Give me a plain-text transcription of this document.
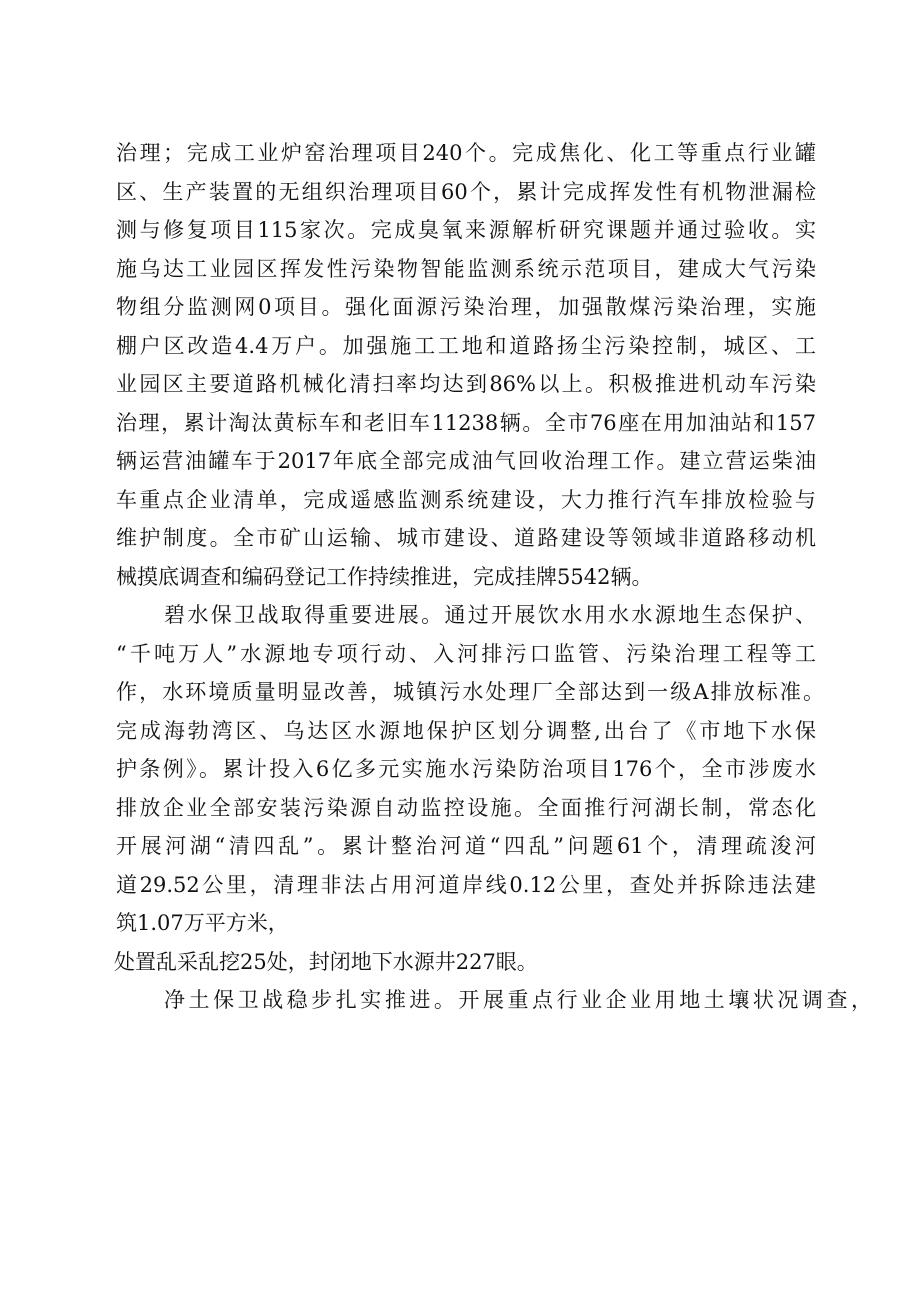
治理；完成工业炉窑治理项目240个。完成焦化、化工等重点行业罐
区、生产装置的无组织治理项目60个，累计完成挥发性有机物泄漏检
测与修复项目115家次。完成臭氧来源解析研究课题并通过验收。实
施乌达工业园区挥发性污染物智能监测系统示范项目，建成大气污染
物组分监测网0项目。强化面源污染治理，加强散煤污染治理，实施
棚户区改造4.4万户。加强施工工地和道路扬尘污染控制，城区、工
业园区主要道路机械化清扫率均达到86%以上。积极推进机动车污染
治理，累计淘汰黄标车和老旧车11238辆。全市76座在用加油站和157
辆运营油罐车于2017年底全部完成油气回收治理工作。建立营运柴油
车重点企业清单，完成遥感监测系统建设，大力推行汽车排放检验与
维护制度。全市矿山运输、城市建设、道路建设等领域非道路移动机
械摸底调查和编码登记工作持续推进，完成挂牌5542辆。
碧水保卫战取得重要进展。通过开展饮水用水水源地生态保护、
“千吨万人”水源地专项行动、入河排污口监管、污染治理工程等工
作，水环境质量明显改善，城镇污水处理厂全部达到一级A排放标准。
完成海勃湾区、乌达区水源地保护区划分调整,出台了《市地下水保
护条例》。累计投入6亿多元实施水污染防治项目176个，全市涉废水
排放企业全部安装污染源自动监控设施。全面推行河湖长制，常态化
开展河湖“清四乱”。累计整治河道“四乱”问题61个，清理疏浚河
道29.52公里，清理非法占用河道岸线0.12公里，查处并拆除违法建
筑1.07万平方米，
处置乱采乱挖25处，封闭地下水源井227眼。
净土保卫战稳步扎实推进。开展重点行业企业用地土壤状况调查，
